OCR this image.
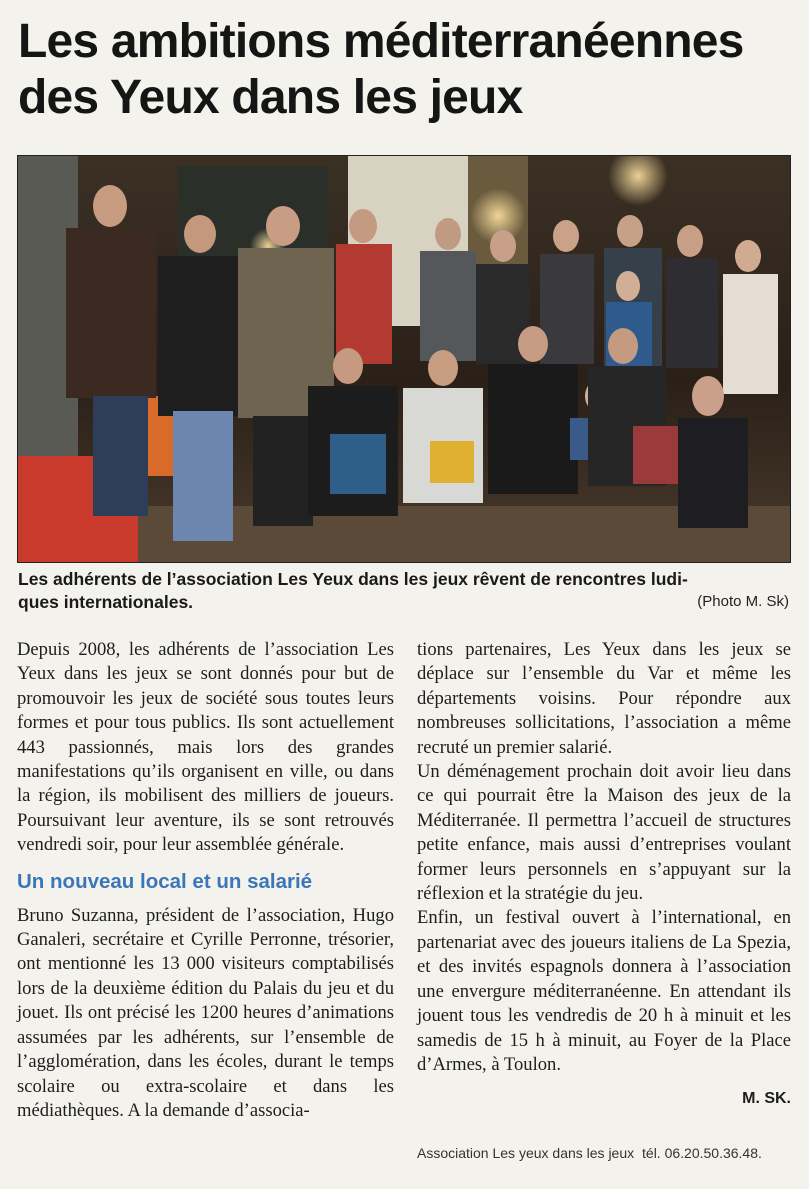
Les ambitions méditerranéennes
des Yeux dans les jeux

Les adhérents de l’association Les Yeux dans les jeux rêvent de rencontres ludi-

ques internationales.	(Photo M. Sk)

Depuis 2008, les adhérents de l’association Les Yeux dans les jeux se sont donnés pour but de promouvoir les jeux de société sous toutes leurs formes et pour tous publics. Ils sont actuellement 443 passionnés, mais lors des grandes manifestations qu’ils organisent en ville, ou dans la région, ils mobilisent des milliers de joueurs. Poursuivant leur aventure, ils se sont retrouvés vendredi soir, pour leur assemblée générale.

Un nouveau local et un salarié

Bruno Suzanna, président de l’association, Hugo Ganaleri, secrétaire et Cyrille Perronne, trésorier, ont mentionné les 13 000 visiteurs comptabilisés lors de la deuxième édition du Palais du jeu et du jouet. Ils ont précisé les 1200 heures d’animations assumées par les adhérents, sur l’ensemble de l’agglomération, dans les écoles, durant le temps scolaire ou extra-scolaire et dans les médiathèques. A la demande d’associa-

tions partenaires, Les Yeux dans les jeux se déplace sur l’ensemble du Var et même les départements voisins. Pour répondre aux nombreuses sollicitations, l’association a même recruté un premier salarié.

Un déménagement prochain doit avoir lieu dans ce qui pourrait être la Maison des jeux de la Méditerranée. Il permettra l’accueil de structures petite enfance, mais aussi d’entreprises voulant former leurs personnels en s’appuyant sur la réflexion et la stratégie du jeu.

Enfin, un festival ouvert à l’international, en partenariat avec des joueurs italiens de La Spezia, et des invités espagnols donnera à l’association une envergure méditerranéenne. En attendant ils jouent tous les vendredis de 20 h à minuit et les samedis de 15 h à minuit, au Foyer de la Place d’Armes, à Toulon.

M. SK.

Association Les yeux dans les jeux tél. 06.20.50.36.48.
